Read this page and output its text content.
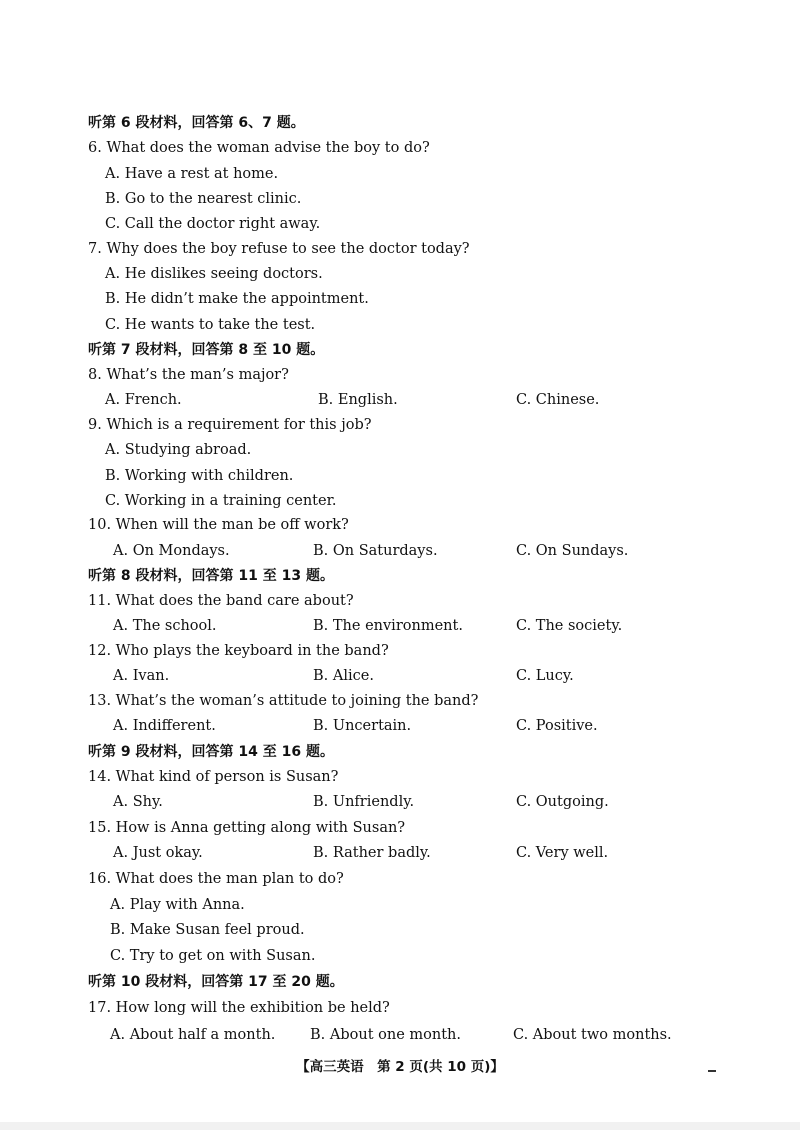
听第 6 段材料，回答第 6、7 题。
6. What does the woman advise the boy to do?
A. Have a rest at home.
B. Go to the nearest clinic.
C. Call the doctor right away.
7. Why does the boy refuse to see the doctor today?
A. He dislikes seeing doctors.
B. He didn’t make the appointment.
C. He wants to take the test.
听第 7 段材料，回答第 8 至 10 题。
8. What’s the man’s major?
A. French.	B. English.	C. Chinese.
9. Which is a requirement for this job?
A. Studying abroad.
B. Working with children.
C. Working in a training center.
10. When will the man be off work?
A. On Mondays.	B. On Saturdays.	C. On Sundays.
听第 8 段材料，回答第 11 至 13 题。
11. What does the band care about?
A. The school.	B. The environment.	C. The society.
12. Who plays the keyboard in the band?
A. Ivan.	B. Alice.	C. Lucy.
13. What’s the woman’s attitude to joining the band?
A. Indifferent.	B. Uncertain.	C. Positive.
听第 9 段材料，回答第 14 至 16 题。
14. What kind of person is Susan?
A. Shy.	B. Unfriendly.	C. Outgoing.
15. How is Anna getting along with Susan?
A. Just okay.	B. Rather badly.	C. Very well.
16. What does the man plan to do?
A. Play with Anna.
B. Make Susan feel proud.
C. Try to get on with Susan.
听第 10 段材料，回答第 17 至 20 题。
17. How long will the exhibition be held?
A. About half a month. B. About one month.	C. About two months.
【高三英语　第 2 页(共 10 页)】
